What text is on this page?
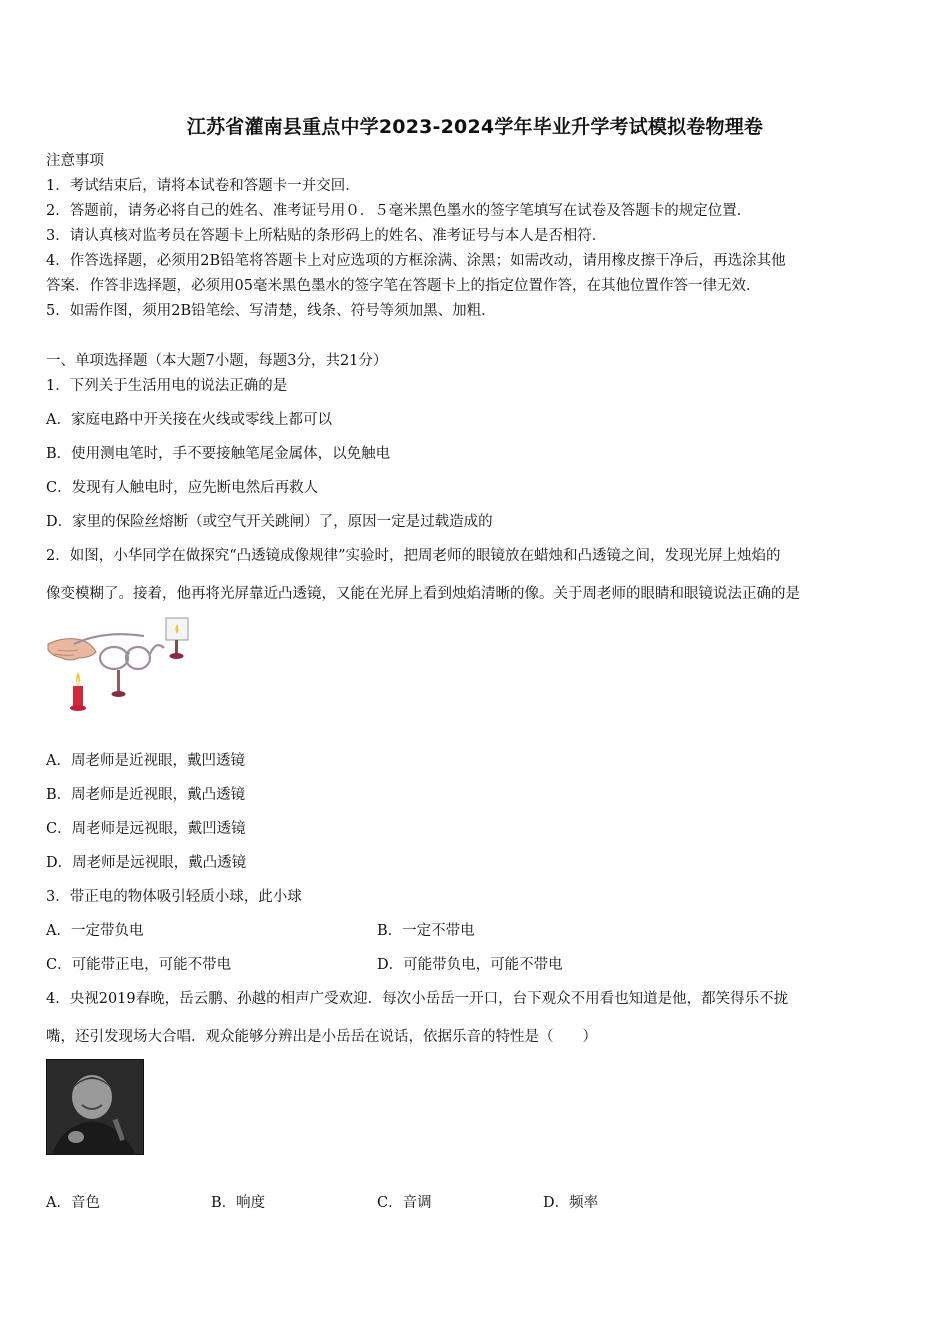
江苏省灌南县重点中学2023-2024学年毕业升学考试模拟卷物理卷
注意事项
1．考试结束后，请将本试卷和答题卡一并交回．
2．答题前，请务必将自己的姓名、准考证号用０．５毫米黑色墨水的签字笔填写在试卷及答题卡的规定位置．
3．请认真核对监考员在答题卡上所粘贴的条形码上的姓名、准考证号与本人是否相符．
4．作答选择题，必须用2B铅笔将答题卡上对应选项的方框涂满、涂黑；如需改动，请用橡皮擦干净后，再选涂其他
答案．作答非选择题，必须用05毫米黑色墨水的签字笔在答题卡上的指定位置作答，在其他位置作答一律无效．
5．如需作图，须用2B铅笔绘、写清楚，线条、符号等须加黑、加粗．
一、单项选择题（本大题7小题，每题3分，共21分）
1．下列关于生活用电的说法正确的是
A．家庭电路中开关接在火线或零线上都可以
B．使用测电笔时，手不要接触笔尾金属体，以免触电
C．发现有人触电时，应先断电然后再救人
D．家里的保险丝熔断（或空气开关跳闸）了，原因一定是过载造成的
2．如图，小华同学在做探究“凸透镜成像规律”实验时，把周老师的眼镜放在蜡烛和凸透镜之间，发现光屏上烛焰的
像变模糊了。接着，他再将光屏靠近凸透镜，又能在光屏上看到烛焰清晰的像。关于周老师的眼睛和眼镜说法正确的是
A．周老师是近视眼，戴凹透镜
B．周老师是近视眼，戴凸透镜
C．周老师是远视眼，戴凹透镜
D．周老师是远视眼，戴凸透镜
3．带正电的物体吸引轻质小球，此小球
A．一定带负电	B．一定不带电
C．可能带正电，可能不带电	D．可能带负电，可能不带电
4．央视2019春晚，岳云鹏、孙越的相声广受欢迎．每次小岳岳一开口，台下观众不用看也知道是他，都笑得乐不拢
嘴，还引发现场大合唱．观众能够分辨出是小岳岳在说话，依据乐音的特性是（　　）
A．音色	B．响度	C．音调	D．频率
